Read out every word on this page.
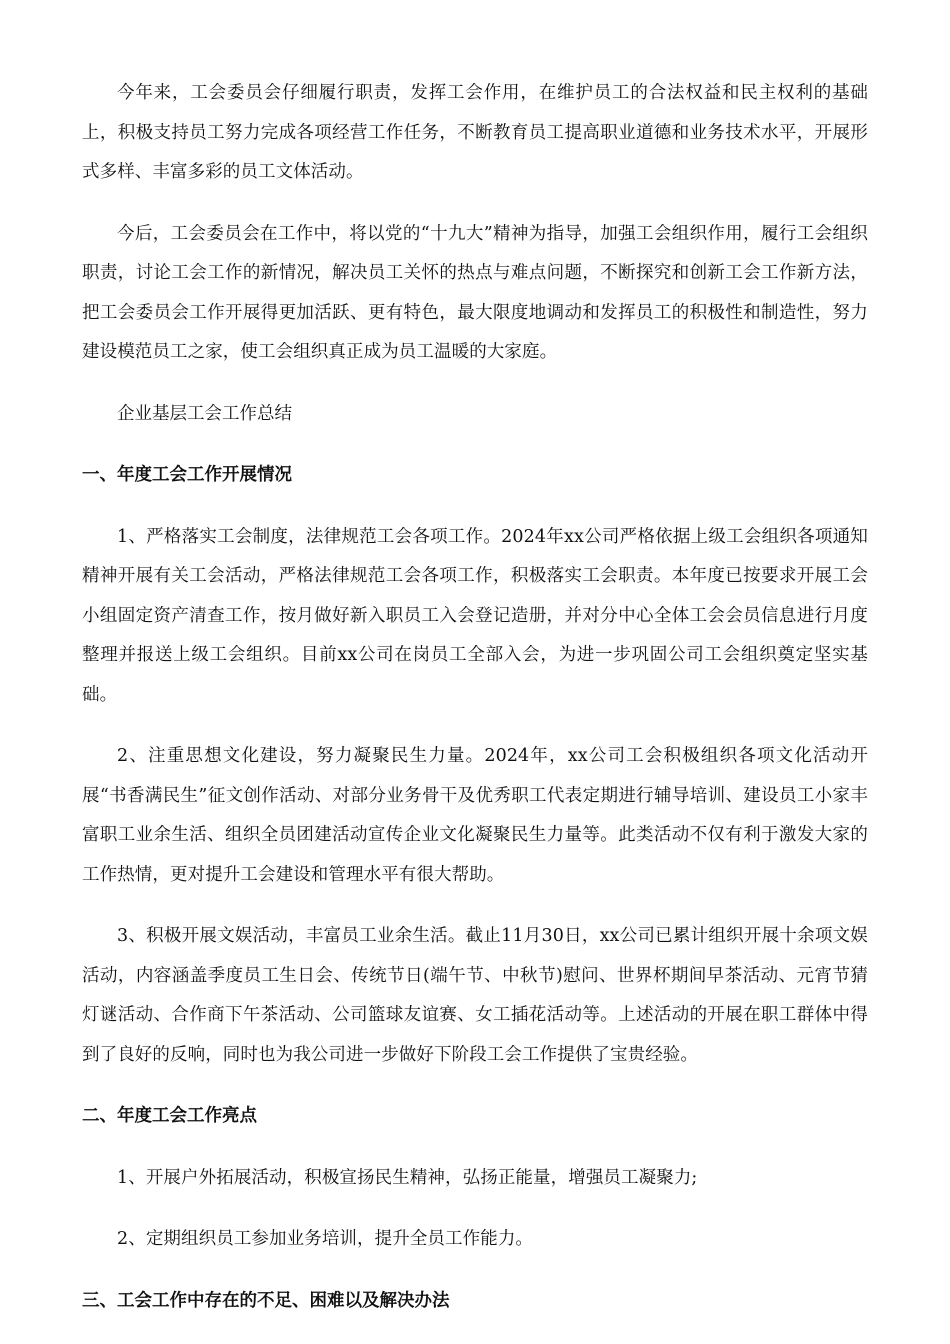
今年来，工会委员会仔细履行职责，发挥工会作用，在维护员工的合法权益和民主权利的基础上，积极支持员工努力完成各项经营工作任务，不断教育员工提高职业道德和业务技术水平，开展形式多样、丰富多彩的员工文体活动。

今后，工会委员会在工作中，将以党的“十九大”精神为指导，加强工会组织作用，履行工会组织职责，讨论工会工作的新情况，解决员工关怀的热点与难点问题，不断探究和创新工会工作新方法，把工会委员会工作开展得更加活跃、更有特色，最大限度地调动和发挥员工的积极性和制造性，努力建设模范员工之家，使工会组织真正成为员工温暖的大家庭。

企业基层工会工作总结

一、年度工会工作开展情况

1、严格落实工会制度，法律规范工会各项工作。2024年xx公司严格依据上级工会组织各项通知精神开展有关工会活动，严格法律规范工会各项工作，积极落实工会职责。本年度已按要求开展工会小组固定资产清查工作，按月做好新入职员工入会登记造册，并对分中心全体工会会员信息进行月度整理并报送上级工会组织。目前xx公司在岗员工全部入会，为进一步巩固公司工会组织奠定坚实基础。

2、注重思想文化建设，努力凝聚民生力量。2024年，xx公司工会积极组织各项文化活动开展“书香满民生”征文创作活动、对部分业务骨干及优秀职工代表定期进行辅导培训、建设员工小家丰富职工业余生活、组织全员团建活动宣传企业文化凝聚民生力量等。此类活动不仅有利于激发大家的工作热情，更对提升工会建设和管理水平有很大帮助。

3、积极开展文娱活动，丰富员工业余生活。截止11月30日，xx公司已累计组织开展十余项文娱活动，内容涵盖季度员工生日会、传统节日(端午节、中秋节)慰问、世界杯期间早茶活动、元宵节猜灯谜活动、合作商下午茶活动、公司篮球友谊赛、女工插花活动等。上述活动的开展在职工群体中得到了良好的反响，同时也为我公司进一步做好下阶段工会工作提供了宝贵经验。

二、年度工会工作亮点

1、开展户外拓展活动，积极宣扬民生精神，弘扬正能量，增强员工凝聚力;

2、定期组织员工参加业务培训，提升全员工作能力。

三、工会工作中存在的不足、困难以及解决办法
